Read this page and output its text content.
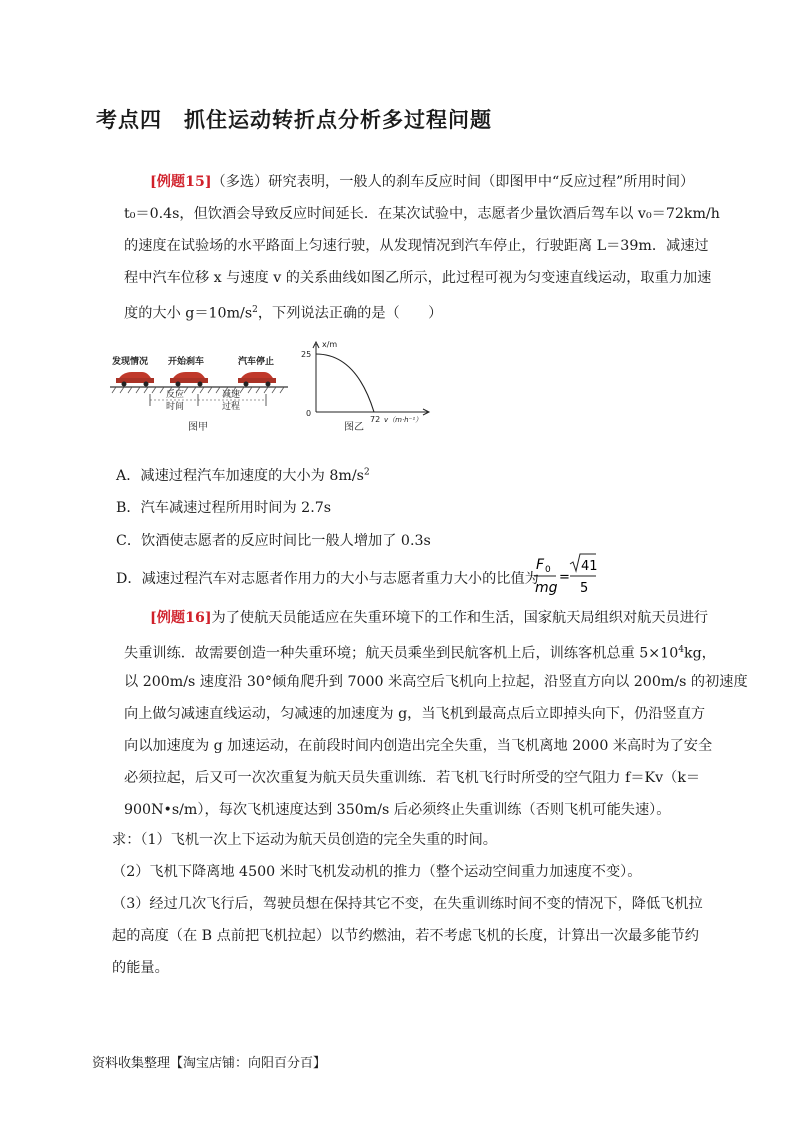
考点四　抓住运动转折点分析多过程问题
[例题15]（多选）研究表明，一般人的刹车反应时间（即图甲中“反应过程”所用时间）
t₀＝0.4s，但饮酒会导致反应时间延长．在某次试验中，志愿者少量饮酒后驾车以 v₀＝72km/h
的速度在试验场的水平路面上匀速行驶，从发现情况到汽车停止，行驶距离 L＝39m．减速过
程中汽车位移 x 与速度 v 的关系曲线如图乙所示，此过程可视为匀变速直线运动，取重力加速
度的大小 $g=10m/s^2$，下列说法正确的是（　　）
发现情况 开始刹车	汽车停止
反应
时间
减速
过程
图甲
x/m
25
0
72 v（m·h⁻¹）
图乙
A．减速过程汽车加速度的大小为 $8m/s^2$
B．汽车减速过程所用时间为 2.7s
C．饮酒使志愿者的反应时间比一般人增加了 0.3s
D．减速过程汽车对志愿者作用力的大小与志愿者重力大小的比值为
F 0
mg
=
41
5
[例题16]为了使航天员能适应在失重环境下的工作和生活，国家航天局组织对航天员进行
失重训练．故需要创造一种失重环境；航天员乘坐到民航客机上后，训练客机总重 $5\times 10^4kg$，
以 200m/s 速度沿 30°倾角爬升到 7000 米高空后飞机向上拉起，沿竖直方向以 200m/s 的初速度
向上做匀减速直线运动，匀减速的加速度为 g，当飞机到最高点后立即掉头向下，仍沿竖直方
向以加速度为 g 加速运动，在前段时间内创造出完全失重，当飞机离地 2000 米高时为了安全
必须拉起，后又可一次次重复为航天员失重训练．若飞机飞行时所受的空气阻力 f＝Kv（k＝
900N•s/m），每次飞机速度达到 350m/s 后必须终止失重训练（否则飞机可能失速）。
求：（1）飞机一次上下运动为航天员创造的完全失重的时间。
（2）飞机下降离地 4500 米时飞机发动机的推力（整个运动空间重力加速度不变）。
（3）经过几次飞行后，驾驶员想在保持其它不变，在失重训练时间不变的情况下，降低飞机拉
起的高度（在 B 点前把飞机拉起）以节约燃油，若不考虑飞机的长度，计算出一次最多能节约
的能量。
资料收集整理【淘宝店铺：向阳百分百】
